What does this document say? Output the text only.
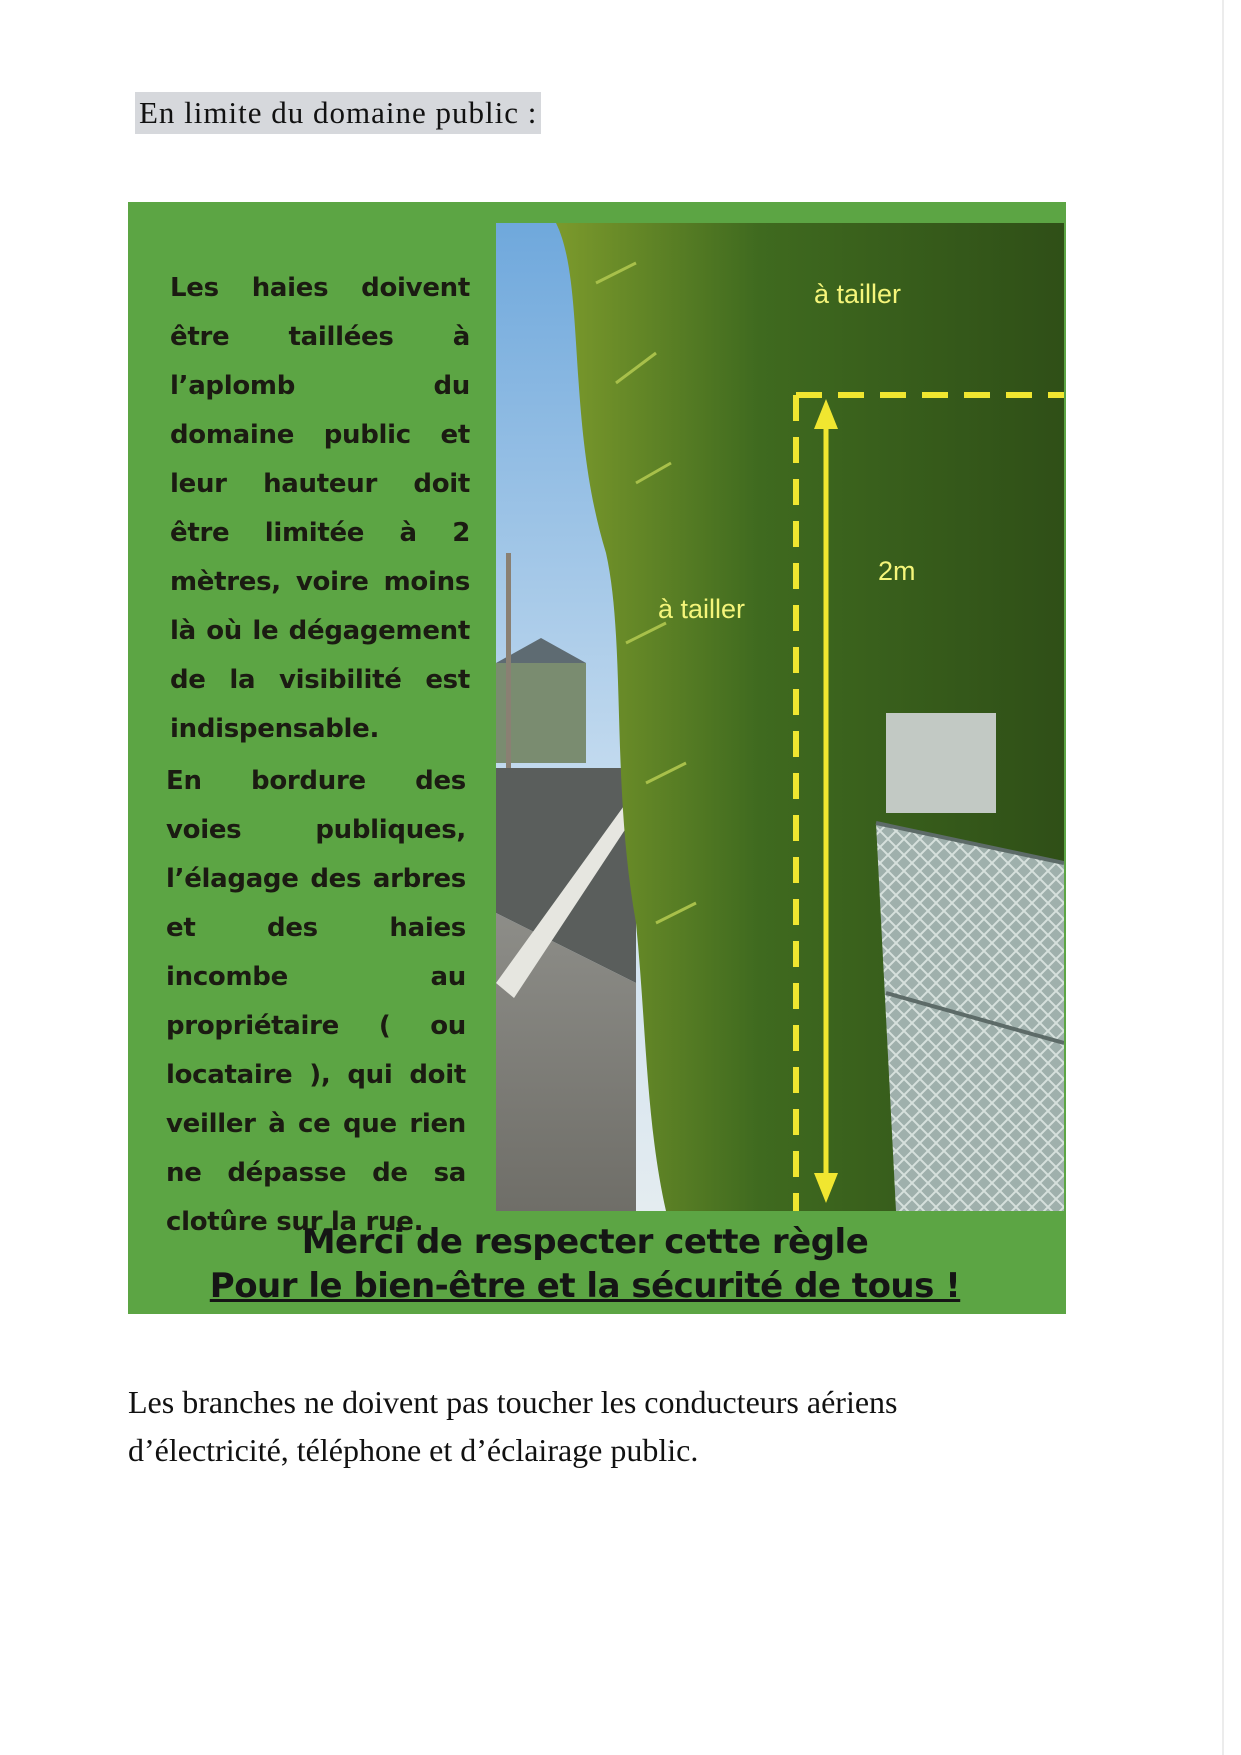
En limite du domaine public :
Les haies doivent être taillées à l’aplomb du domaine public et leur hauteur doit être limitée à 2 mètres, voire moins là où le dégagement de la visibilité est indispensable.
En bordure des voies publiques, l’élagage des arbres et des haies incombe au propriétaire ( ou locataire ), qui doit veiller à ce que rien ne dépasse de sa clotûre sur la rue.
à tailler
à tailler
2m
Merci de respecter cette règle
Pour le bien-être et la sécurité de tous !
Les branches ne doivent pas toucher les conducteurs aériens
d’électricité, téléphone et d’éclairage public.
